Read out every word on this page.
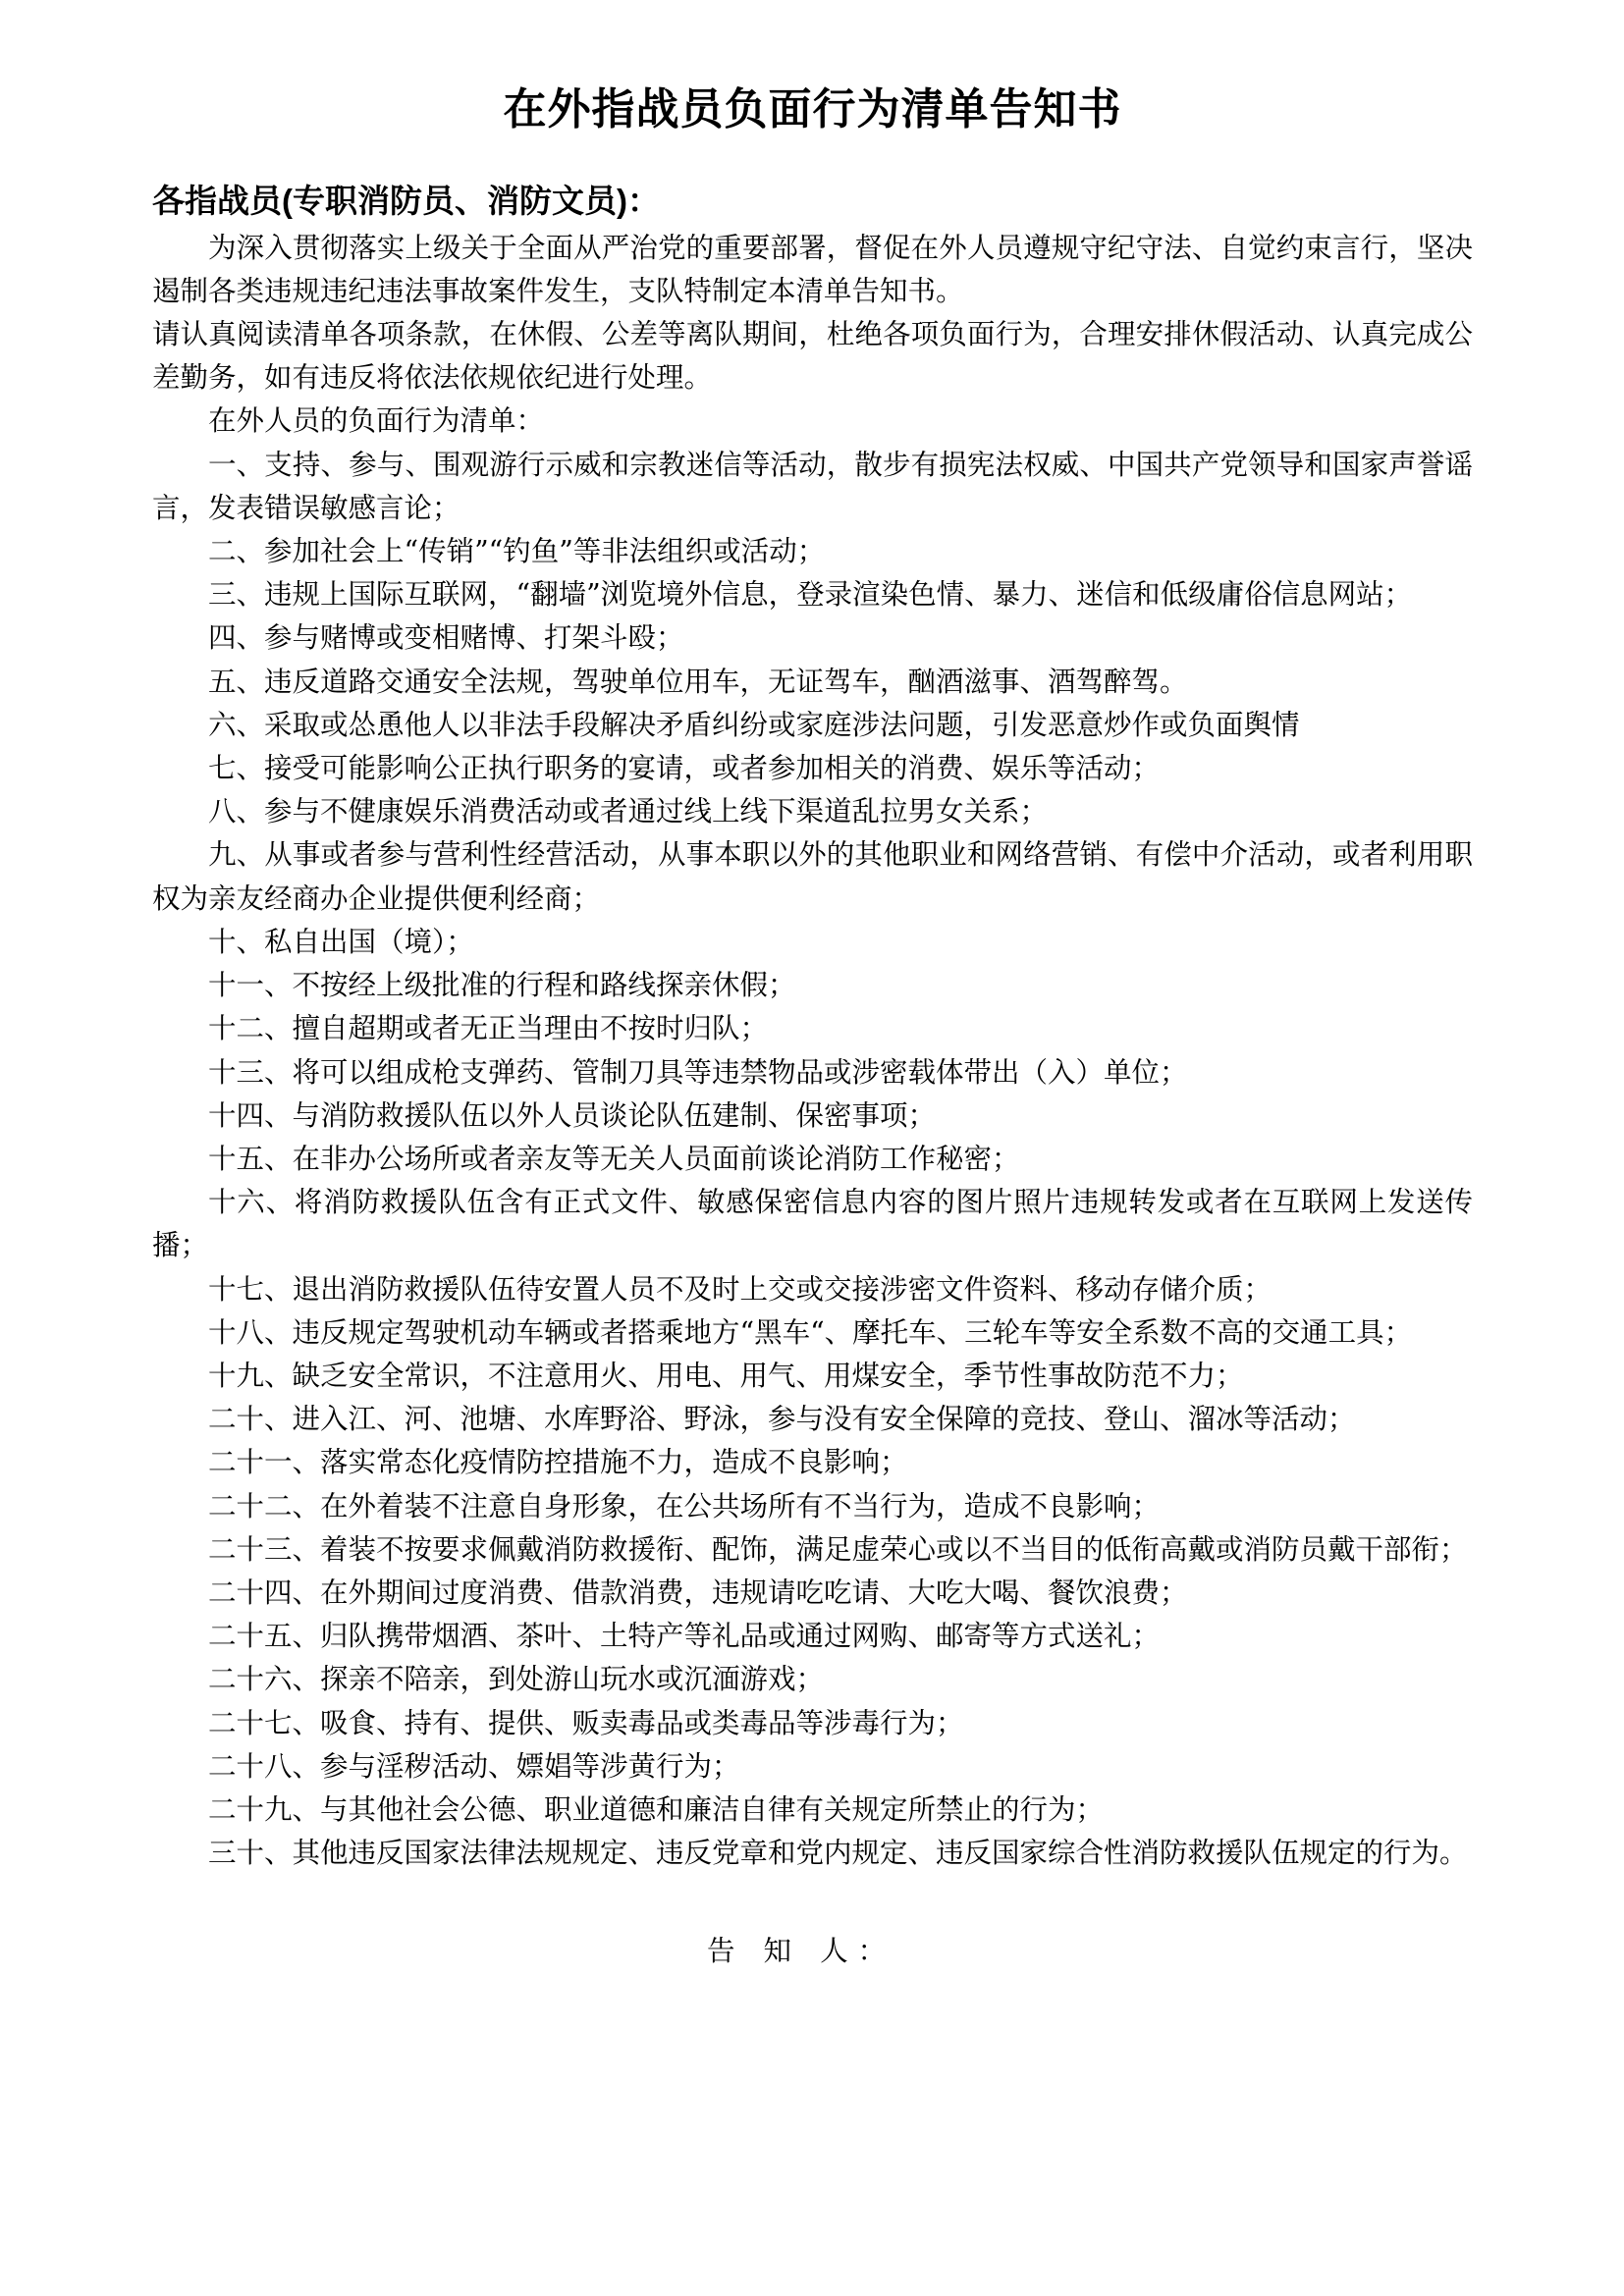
在外指战员负面行为清单告知书
各指战员(专职消防员、消防文员)：

为深入贯彻落实上级关于全面从严治党的重要部署，督促在外人员遵规守纪守法、自觉约束言行，坚决遏制各类违规违纪违法事故案件发生，支队特制定本清单告知书。

请认真阅读清单各项条款，在休假、公差等离队期间，杜绝各项负面行为，合理安排休假活动、认真完成公差勤务，如有违反将依法依规依纪进行处理。

在外人员的负面行为清单：

一、支持、参与、围观游行示威和宗教迷信等活动，散步有损宪法权威、中国共产党领导和国家声誉谣言，发表错误敏感言论；

二、参加社会上“传销”“钓鱼”等非法组织或活动；

三、违规上国际互联网，“翻墙”浏览境外信息，登录渲染色情、暴力、迷信和低级庸俗信息网站；

四、参与赌博或变相赌博、打架斗殴；

五、违反道路交通安全法规，驾驶单位用车，无证驾车，酗酒滋事、酒驾醉驾。

六、采取或怂恿他人以非法手段解决矛盾纠纷或家庭涉法问题，引发恶意炒作或负面舆情

七、接受可能影响公正执行职务的宴请，或者参加相关的消费、娱乐等活动；

八、参与不健康娱乐消费活动或者通过线上线下渠道乱拉男女关系；

九、从事或者参与营利性经营活动，从事本职以外的其他职业和网络营销、有偿中介活动，或者利用职权为亲友经商办企业提供便利经商；

十、私自出国（境）；

十一、不按经上级批准的行程和路线探亲休假；

十二、擅自超期或者无正当理由不按时归队；

十三、将可以组成枪支弹药、管制刀具等违禁物品或涉密载体带出（入）单位；

十四、与消防救援队伍以外人员谈论队伍建制、保密事项；

十五、在非办公场所或者亲友等无关人员面前谈论消防工作秘密；

十六、将消防救援队伍含有正式文件、敏感保密信息内容的图片照片违规转发或者在互联网上发送传播；

十七、退出消防救援队伍待安置人员不及时上交或交接涉密文件资料、移动存储介质；

十八、违反规定驾驶机动车辆或者搭乘地方“黑车“、摩托车、三轮车等安全系数不高的交通工具；

十九、缺乏安全常识，不注意用火、用电、用气、用煤安全，季节性事故防范不力；

二十、进入江、河、池塘、水库野浴、野泳，参与没有安全保障的竞技、登山、溜冰等活动；

二十一、落实常态化疫情防控措施不力，造成不良影响；

二十二、在外着装不注意自身形象，在公共场所有不当行为，造成不良影响；

二十三、着装不按要求佩戴消防救援衔、配饰，满足虚荣心或以不当目的低衔高戴或消防员戴干部衔；

二十四、在外期间过度消费、借款消费，违规请吃吃请、大吃大喝、餐饮浪费；

二十五、归队携带烟酒、茶叶、土特产等礼品或通过网购、邮寄等方式送礼；

二十六、探亲不陪亲，到处游山玩水或沉湎游戏；

二十七、吸食、持有、提供、贩卖毒品或类毒品等涉毒行为；

二十八、参与淫秽活动、嫖娼等涉黄行为；

二十九、与其他社会公德、职业道德和廉洁自律有关规定所禁止的行为；

三十、其他违反国家法律法规规定、违反党章和党内规定、违反国家综合性消防救援队伍规定的行为。

告 知 人：
